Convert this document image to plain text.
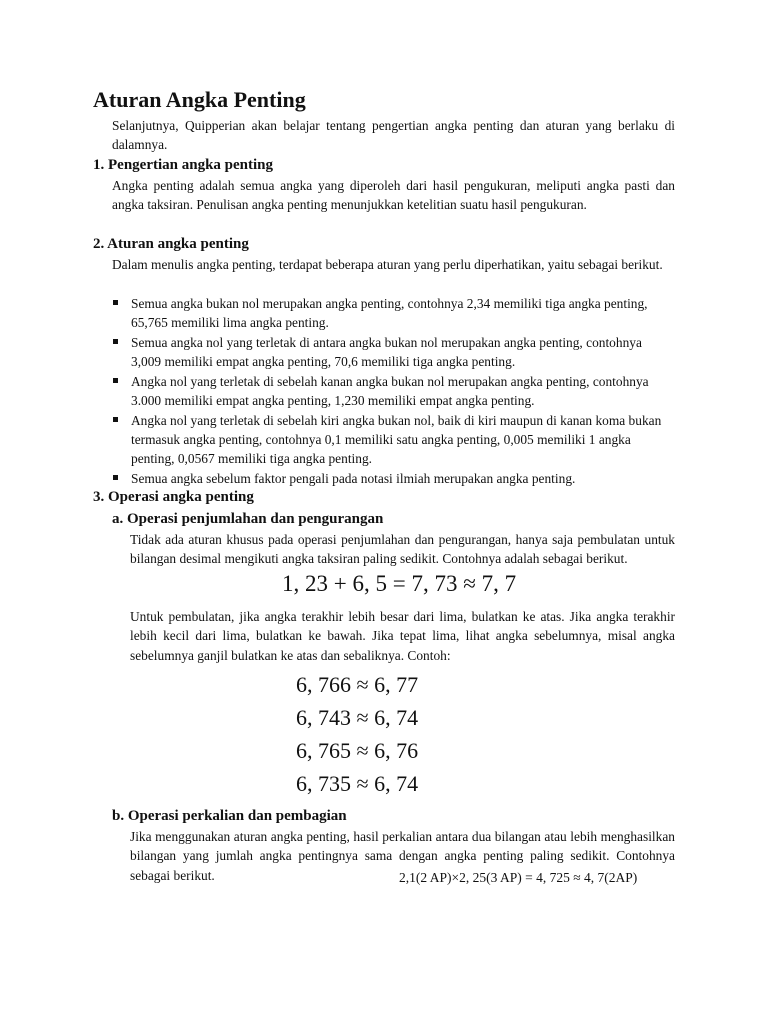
Aturan Angka Penting

Selanjutnya, Quipperian akan belajar tentang pengertian angka penting dan aturan yang berlaku di dalamnya.

1. Pengertian angka penting

Angka penting adalah semua angka yang diperoleh dari hasil pengukuran, meliputi angka pasti dan angka taksiran. Penulisan angka penting menunjukkan ketelitian suatu hasil pengukuran.

2. Aturan angka penting

Dalam menulis angka penting, terdapat beberapa aturan yang perlu diperhatikan, yaitu sebagai berikut.

Semua angka bukan nol merupakan angka penting, contohnya 2,34 memiliki tiga angka penting, 65,765 memiliki lima angka penting.
Semua angka nol yang terletak di antara angka bukan nol merupakan angka penting, contohnya 3,009 memiliki empat angka penting, 70,6 memiliki tiga angka penting.
Angka nol yang terletak di sebelah kanan angka bukan nol merupakan angka penting, contohnya 3.000 memiliki empat angka penting, 1,230 memiliki empat angka penting.
Angka nol yang terletak di sebelah kiri angka bukan nol, baik di kiri maupun di kanan koma bukan termasuk angka penting, contohnya 0,1 memiliki satu angka penting, 0,005 memiliki 1 angka penting, 0,0567 memiliki tiga angka penting.
Semua angka sebelum faktor pengali pada notasi ilmiah merupakan angka penting.
3. Operasi angka penting
a. Operasi penjumlahan dan pengurangan

Tidak ada aturan khusus pada operasi penjumlahan dan pengurangan, hanya saja pembulatan untuk bilangan desimal mengikuti angka taksiran paling sedikit. Contohnya adalah sebagai berikut.

1, 23 + 6, 5 = 7, 73 ≈ 7, 7

Untuk pembulatan, jika angka terakhir lebih besar dari lima, bulatkan ke atas. Jika angka terakhir lebih kecil dari lima, bulatkan ke bawah. Jika tepat lima, lihat angka sebelumnya, misal angka sebelumnya ganjil bulatkan ke atas dan sebaliknya. Contoh:

6, 766 ≈ 6, 77
6, 743 ≈ 6, 74
6, 765 ≈ 6, 76
6, 735 ≈ 6, 74
b. Operasi perkalian dan pembagian

Jika menggunakan aturan angka penting, hasil perkalian antara dua bilangan atau lebih menghasilkan bilangan yang jumlah angka pentingnya sama dengan angka penting paling sedikit. Contohnya sebagai berikut.	2,1(2 AP)×2, 25(3 AP) = 4, 725 ≈ 4, 7(2AP)
